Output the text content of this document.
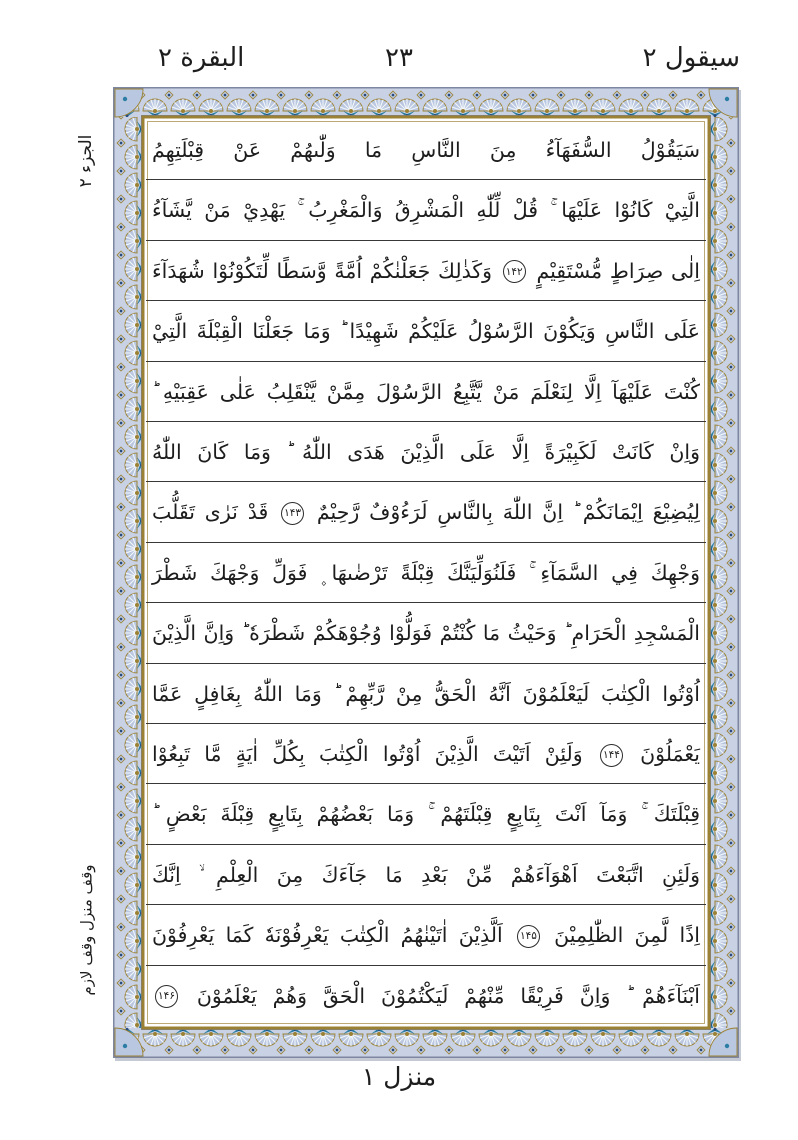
البقرة ۲	۲۳	سيقول ۲
الجزء ۲
وقف منزل وقف لازم
سَيَقُوْلُ السُّفَهَآءُ مِنَ النَّاسِ مَا وَلّٰىهُمْ عَنْ قِبْلَتِهِمُ
الَّتِيْ كَانُوْا عَلَيْهَا ۚ قُلْ لِّلّٰهِ الْمَشْرِقُ وَالْمَغْرِبُ ۚ يَهْدِيْ مَنْ يَّشَآءُ
اِلٰى صِرَاطٍ مُّسْتَقِيْمٍ ۱۴۲ وَكَذٰلِكَ جَعَلْنٰكُمْ اُمَّةً وَّسَطًا لِّتَكُوْنُوْا شُهَدَآءَ
عَلَى النَّاسِ وَيَكُوْنَ الرَّسُوْلُ عَلَيْكُمْ شَهِيْدًا ؕ وَمَا جَعَلْنَا الْقِبْلَةَ الَّتِيْ
كُنْتَ عَلَيْهَآ اِلَّا لِنَعْلَمَ مَنْ يَّتَّبِعُ الرَّسُوْلَ مِمَّنْ يَّنْقَلِبُ عَلٰى عَقِبَيْهِ ؕ
وَاِنْ كَانَتْ لَكَبِيْرَةً اِلَّا عَلَى الَّذِيْنَ هَدَى اللّٰهُ ؕ وَمَا كَانَ اللّٰهُ
لِيُضِيْعَ اِيْمَانَكُمْ ؕ اِنَّ اللّٰهَ بِالنَّاسِ لَرَءُوْفٌ رَّحِيْمٌ ۱۴۳ قَدْ نَرٰى تَقَلُّبَ
وَجْهِكَ فِي السَّمَآءِ ۚ فَلَنُوَلِّيَنَّكَ قِبْلَةً تَرْضٰىهَا ۪ فَوَلِّ وَجْهَكَ شَطْرَ
الْمَسْجِدِ الْحَرَامِ ؕ وَحَيْثُ مَا كُنْتُمْ فَوَلُّوْا وُجُوْهَكُمْ شَطْرَهٗ ؕ وَاِنَّ الَّذِيْنَ
اُوْتُوا الْكِتٰبَ لَيَعْلَمُوْنَ اَنَّهُ الْحَقُّ مِنْ رَّبِّهِمْ ؕ وَمَا اللّٰهُ بِغَافِلٍ عَمَّا
يَعْمَلُوْنَ ۱۴۴ وَلَئِنْ اَتَيْتَ الَّذِيْنَ اُوْتُوا الْكِتٰبَ بِكُلِّ اٰيَةٍ مَّا تَبِعُوْا
قِبْلَتَكَ ۚ وَمَآ اَنْتَ بِتَابِعٍ قِبْلَتَهُمْ ۚ وَمَا بَعْضُهُمْ بِتَابِعٍ قِبْلَةَ بَعْضٍ ؕ
وَلَئِنِ اتَّبَعْتَ اَهْوَآءَهُمْ مِّنْ بَعْدِ مَا جَآءَكَ مِنَ الْعِلْمِ ۙ اِنَّكَ
اِذًا لَّمِنَ الظّٰلِمِيْنَ ۱۴۵ اَلَّذِيْنَ اٰتَيْنٰهُمُ الْكِتٰبَ يَعْرِفُوْنَهٗ كَمَا يَعْرِفُوْنَ
اَبْنَآءَهُمْ ؕ وَاِنَّ فَرِيْقًا مِّنْهُمْ لَيَكْتُمُوْنَ الْحَقَّ وَهُمْ يَعْلَمُوْنَ ۱۴۶
منزل ۱
